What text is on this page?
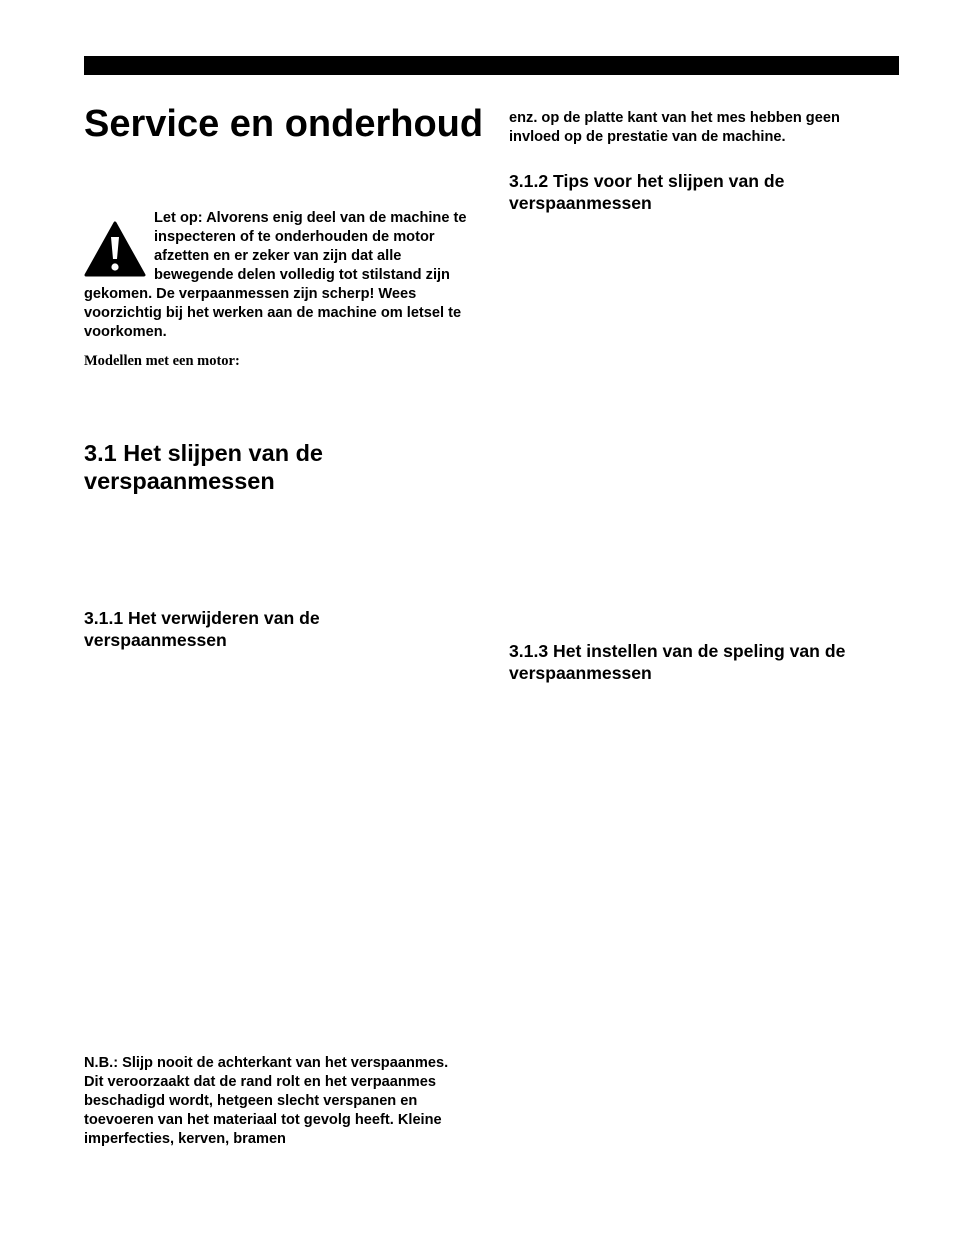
Service en onderhoud
Let op: Alvorens enig deel van de machine te inspecteren of te onderhouden de motor afzetten en er zeker van zijn dat alle bewegende delen volledig tot stilstand zijn gekomen. De verpaanmessen zijn scherp! Wees voorzichtig bij het werken aan de machine om letsel te voorkomen.

Modellen met een motor:

3.1 Het slijpen van de verspaanmessen
3.1.1 Het verwijderen van de verspaanmessen

N.B.: Slijp nooit de achterkant van het verspaanmes. Dit veroorzaakt dat de rand rolt en het verpaanmes beschadigd wordt, hetgeen slecht verspanen en toevoeren van het materiaal tot gevolg heeft. Kleine imperfecties, kerven, bramen

enz. op de platte kant van het mes hebben geen invloed op de prestatie van de machine.

3.1.2 Tips voor het slijpen van de verspaanmessen
3.1.3 Het instellen van de speling van de verspaanmessen
